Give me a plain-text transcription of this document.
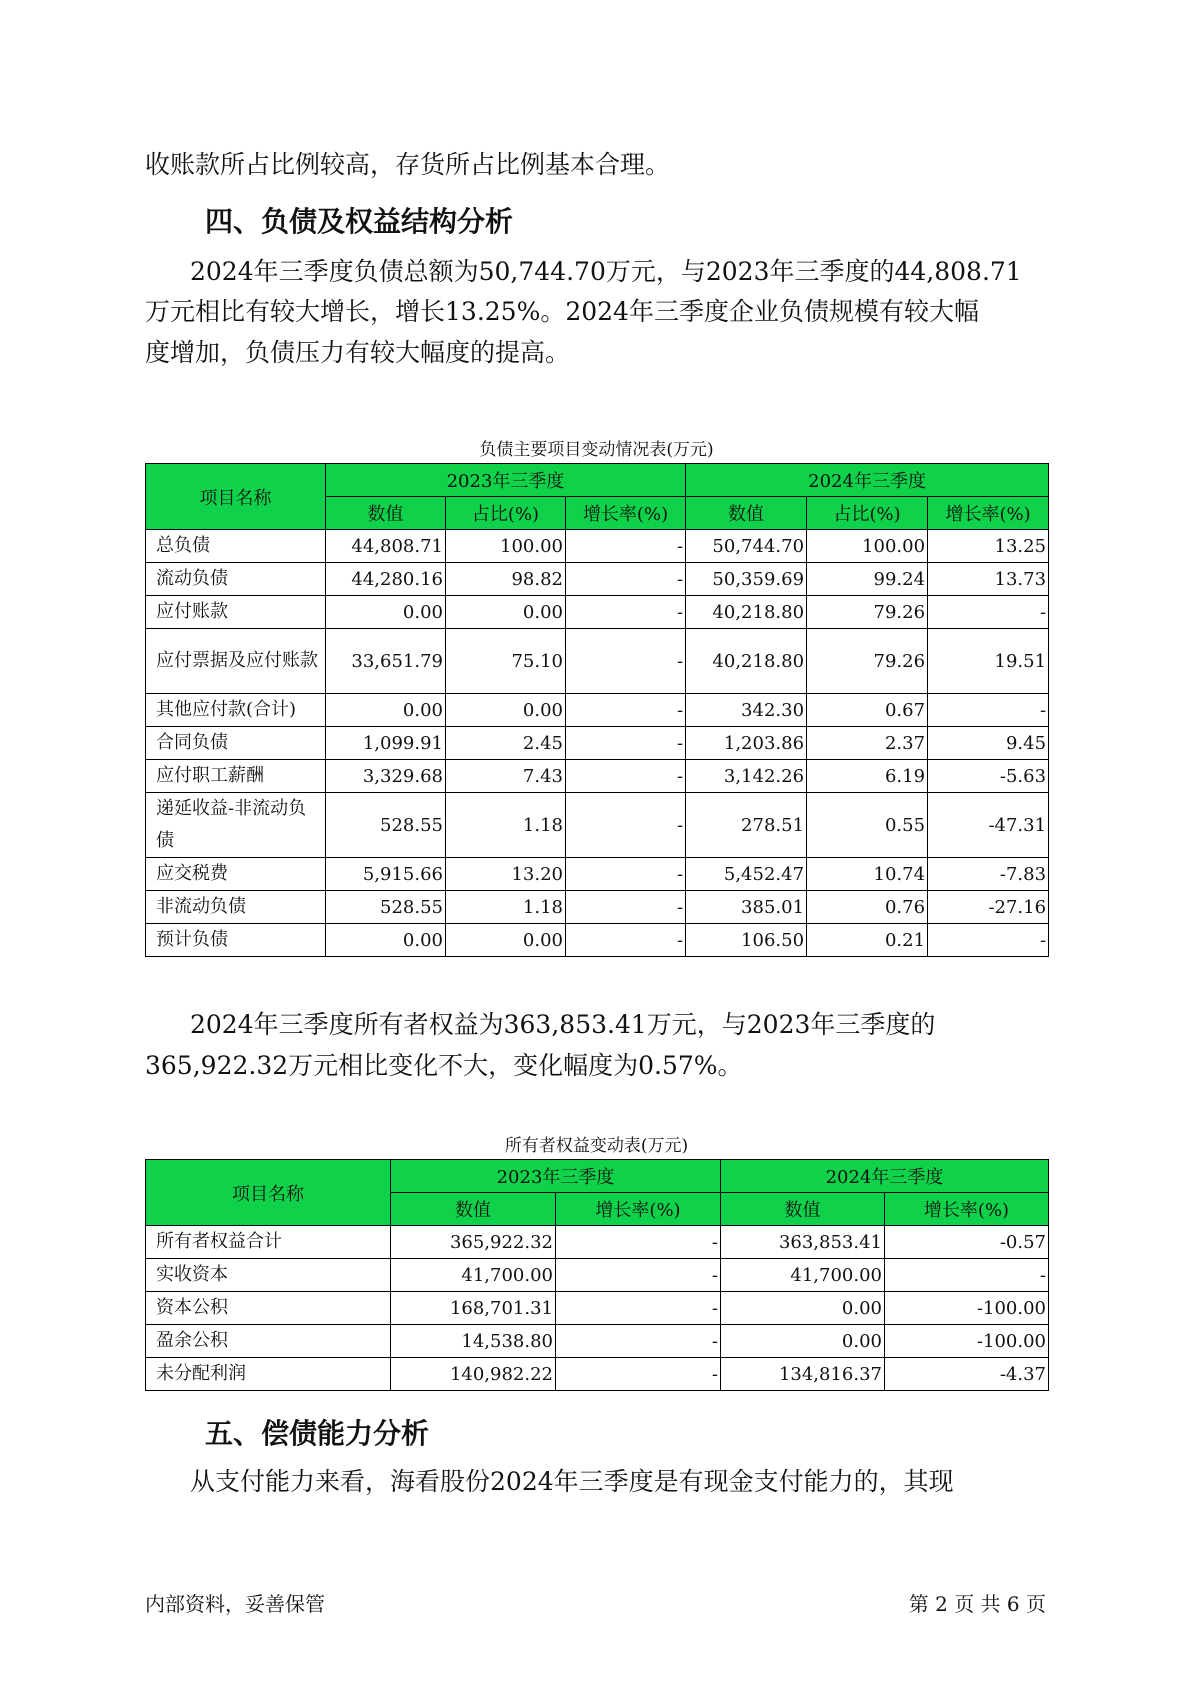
收账款所占比例较高，存货所占比例基本合理。

四、负债及权益结构分析

2024年三季度负债总额为50,744.70万元，与2023年三季度的44,808.71

万元相比有较大增长，增长13.25%。2024年三季度企业负债规模有较大幅

度增加，负债压力有较大幅度的提高。

负债主要项目变动情况表(万元)
项目名称	2023年三季度			2024年三季度		
	数值	占比(%)	增长率(%)	数值	占比(%)	增长率(%)
总负债	44,808.71	100.00	-	50,744.70	100.00	13.25
流动负债	44,280.16	98.82	-	50,359.69	99.24	13.73
应付账款	0.00	0.00	-	40,218.80	79.26	-
应付票据及应付账款	33,651.79	75.10	-	40,218.80	79.26	19.51
其他应付款(合计)	0.00	0.00	-	342.30	0.67	-
合同负债	1,099.91	2.45	-	1,203.86	2.37	9.45
应付职工薪酬	3,329.68	7.43	-	3,142.26	6.19	-5.63
递延收益-非流动负债	528.55	1.18	-	278.51	0.55	-47.31
应交税费	5,915.66	13.20	-	5,452.47	10.74	-7.83
非流动负债	528.55	1.18	-	385.01	0.76	-27.16
预计负债	0.00	0.00	-	106.50	0.21	-

2024年三季度所有者权益为363,853.41万元，与2023年三季度的

365,922.32万元相比变化不大，变化幅度为0.57%。

所有者权益变动表(万元)
项目名称	2023年三季度		2024年三季度	
	数值	增长率(%)	数值	增长率(%)
所有者权益合计	365,922.32	-	363,853.41	-0.57
实收资本	41,700.00	-	41,700.00	-
资本公积	168,701.31	-	0.00	-100.00
盈余公积	14,538.80	-	0.00	-100.00
未分配利润	140,982.22	-	134,816.37	-4.37
五、偿债能力分析

从支付能力来看，海看股份2024年三季度是有现金支付能力的，其现

内部资料，妥善保管	第 2 页 共 6 页
